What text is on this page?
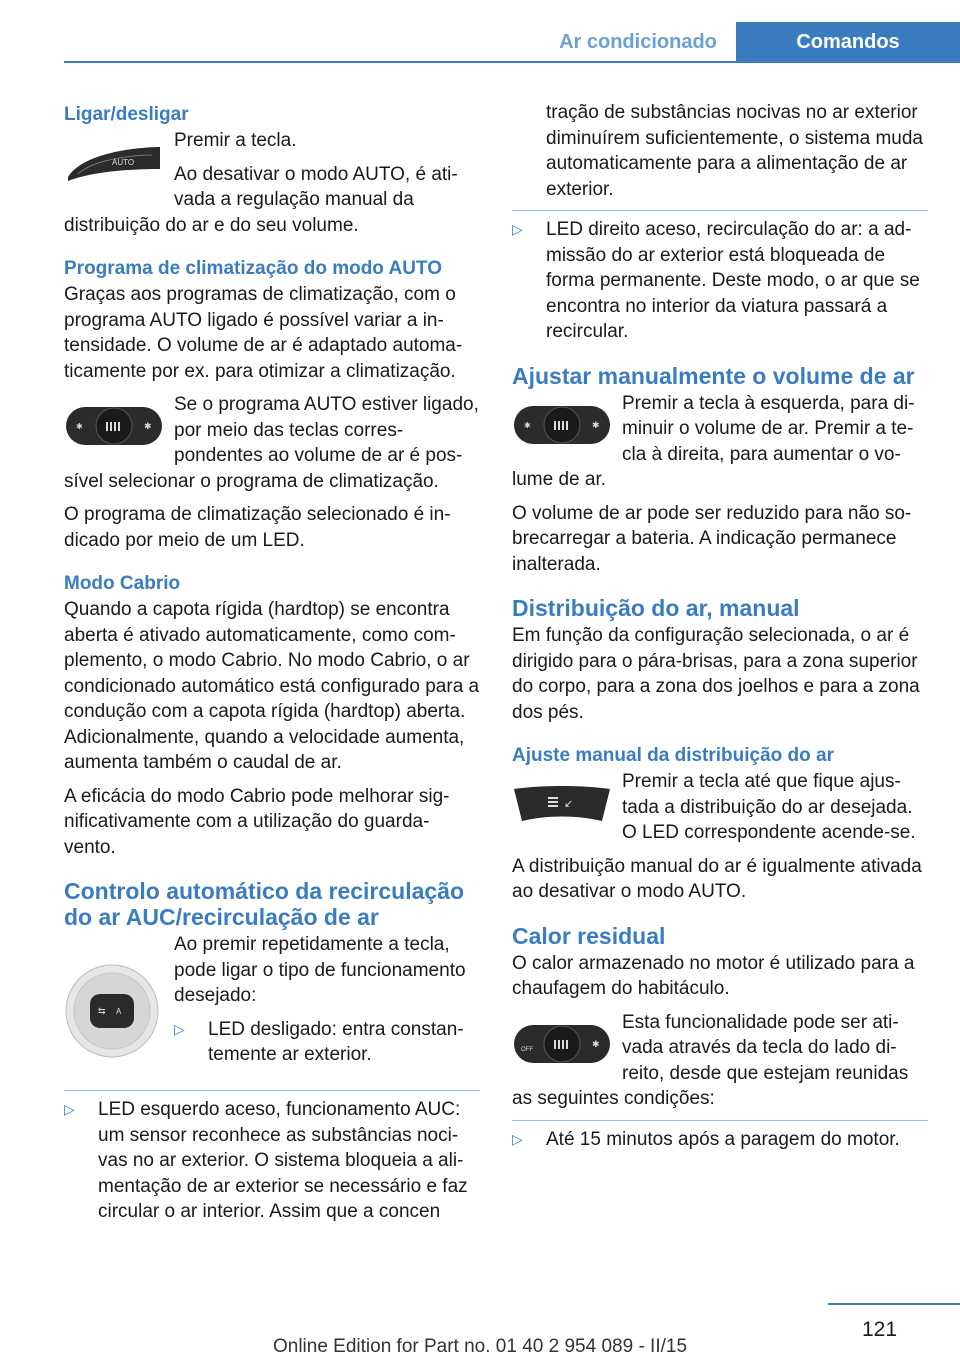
Ar condicionado	Comandos
Ligar/desligar
AUTO

Premir a tecla.

Ao desativar o modo AUTO, é ativada a regulação manual da distribuição do ar e do seu volume.

Programa de climatização do modo AUTO

Graças aos programas de climatização, com o programa AUTO ligado é possível variar a intensidade. O volume de ar é adaptado automaticamente por ex. para otimizar a climatização.

✱	✱

Se o programa AUTO estiver ligado, por meio das teclas correspondentes ao volume de ar é possível selecionar o programa de climatização.

O programa de climatização selecionado é indicado por meio de um LED.

Modo Cabrio

Quando a capota rígida (hardtop) se encontra aberta é ativado automaticamente, como complemento, o modo Cabrio. No modo Cabrio, o ar condicionado automático está configurado para a condução com a capota rígida (hardtop) aberta. Adicionalmente, quando a velocidade aumenta, aumenta também o caudal de ar.

A eficácia do modo Cabrio pode melhorar significativamente com a utilização do guarda-vento.

Controlo automático da recirculação do ar AUC/recirculação de ar
⇆ A

Ao premir repetidamente a tecla, pode ligar o tipo de funcionamento desejado:

▷ LED desligado: entra constantemente ar exterior.
▷ LED esquerdo aceso, funcionamento AUC: um sensor reconhece as substâncias nocivas no ar exterior. O sistema bloqueia a alimentação de ar exterior se necessário e faz circular o ar interior. Assim que a concen

tração de substâncias nocivas no ar exterior diminuírem suficientemente, o sistema muda automaticamente para a alimentação de ar exterior.

▷ LED direito aceso, recirculação do ar: a admissão do ar exterior está bloqueada de forma permanente. Deste modo, o ar que se encontra no interior da viatura passará a recircular.
Ajustar manualmente o volume de ar
✱	✱

Premir a tecla à esquerda, para diminuir o volume de ar. Premir a tecla à direita, para aumentar o volume de ar.

O volume de ar pode ser reduzido para não sobrecarregar a bateria. A indicação permanece inalterada.

Distribuição do ar, manual

Em função da configuração selecionada, o ar é dirigido para o pára-brisas, para a zona superior do corpo, para a zona dos joelhos e para a zona dos pés.

Ajuste manual da distribuição do ar
↙

Premir a tecla até que fique ajustada a distribuição do ar desejada. O LED correspondente acende-se.

A distribuição manual do ar é igualmente ativada ao desativar o modo AUTO.

Calor residual

O calor armazenado no motor é utilizado para a chaufagem do habitáculo.

OFF
✱

Esta funcionalidade pode ser ativada através da tecla do lado direito, desde que estejam reunidas as seguintes condições:

▷ Até 15 minutos após a paragem do motor.
121
Online Edition for Part no. 01 40 2 954 089 - II/15
